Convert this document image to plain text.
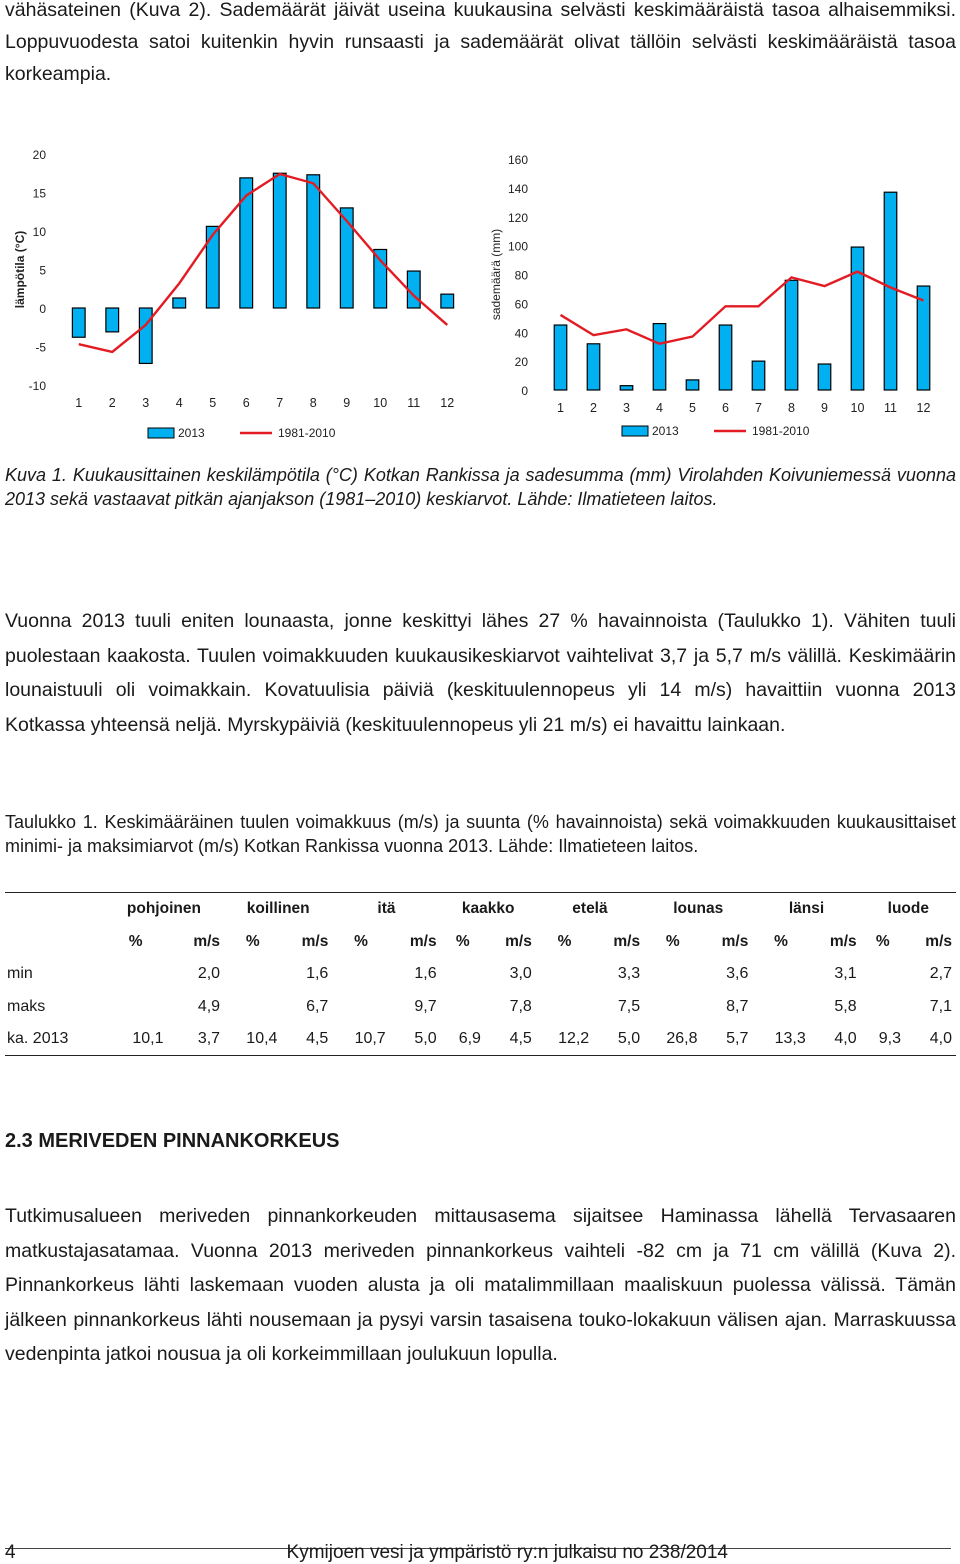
vähäsateinen (Kuva 2). Sademäärät jäivät useina kuukausina selvästi keskimääräistä tasoa alhaisemmiksi. Loppuvuodesta satoi kuitenkin hyvin runsaasti ja sademäärät olivat tällöin selvästi keskimääräistä tasoa korkeampia.

20
15
10
5
0
-5
-10
lämpötila (°C)
1 2 3 4 5 6 7 8 9 10 11 12
2013	1981-2010
160
140
120
100
80
60
40
20
0
sademäärä (mm)
1 2 3 4 5 6 7 8 9 10 11 12
2013	1981-2010

Kuva 1. Kuukausittainen keskilämpötila (°C) Kotkan Rankissa ja sadesumma (mm) Virolahden Koivuniemessä vuonna 2013 sekä vastaavat pitkän ajanjakson (1981–2010) keskiarvot. Lähde: Ilmatieteen laitos.

Vuonna 2013 tuuli eniten lounaasta, jonne keskittyi lähes 27 % havainnoista (Taulukko 1). Vähiten tuuli puolestaan kaakosta. Tuulen voimakkuuden kuukausikeskiarvot vaihtelivat 3,7 ja 5,7 m/s välillä. Keskimäärin lounaistuuli oli voimakkain. Kovatuulisia päiviä (keskituulennopeus yli 14 m/s) havaittiin vuonna 2013 Kotkassa yhteensä neljä. Myrskypäiviä (keskituulennopeus yli 21 m/s) ei havaittu lainkaan.

Taulukko 1. Keskimääräinen tuulen voimakkuus (m/s) ja suunta (% havainnoista) sekä voimakkuuden kuukausittaiset minimi- ja maksimiarvot (m/s) Kotkan Rankissa vuonna 2013. Lähde: Ilmatieteen laitos.

	pohjoinen		koillinen		itä		kaakko		etelä		lounas		länsi		luode	
	%	m/s	%	m/s	%	m/s	%	m/s	%	m/s	%	m/s	%	m/s	%	m/s
min		2,0		1,6		1,6		3,0		3,3		3,6		3,1		2,7
maks		4,9		6,7		9,7		7,8		7,5		8,7		5,8		7,1
ka. 2013	10,1	3,7	10,4	4,5	10,7	5,0	6,9	4,5	12,2	5,0	26,8	5,7	13,3	4,0	9,3	4,0
2.3 MERIVEDEN PINNANKORKEUS

Tutkimusalueen meriveden pinnankorkeuden mittausasema sijaitsee Haminassa lähellä Tervasaaren matkustajasatamaa. Vuonna 2013 meriveden pinnankorkeus vaihteli -82 cm ja 71 cm välillä (Kuva 2). Pinnankorkeus lähti laskemaan vuoden alusta ja oli matalimmillaan maaliskuun puolessa välissä. Tämän jälkeen pinnankorkeus lähti nousemaan ja pysyi varsin tasaisena touko-lokakuun välisen ajan. Marraskuussa vedenpinta jatkoi nousua ja oli korkeimmillaan joulukuun lopulla.

4	Kymijoen vesi ja ympäristö ry:n julkaisu no 238/2014
